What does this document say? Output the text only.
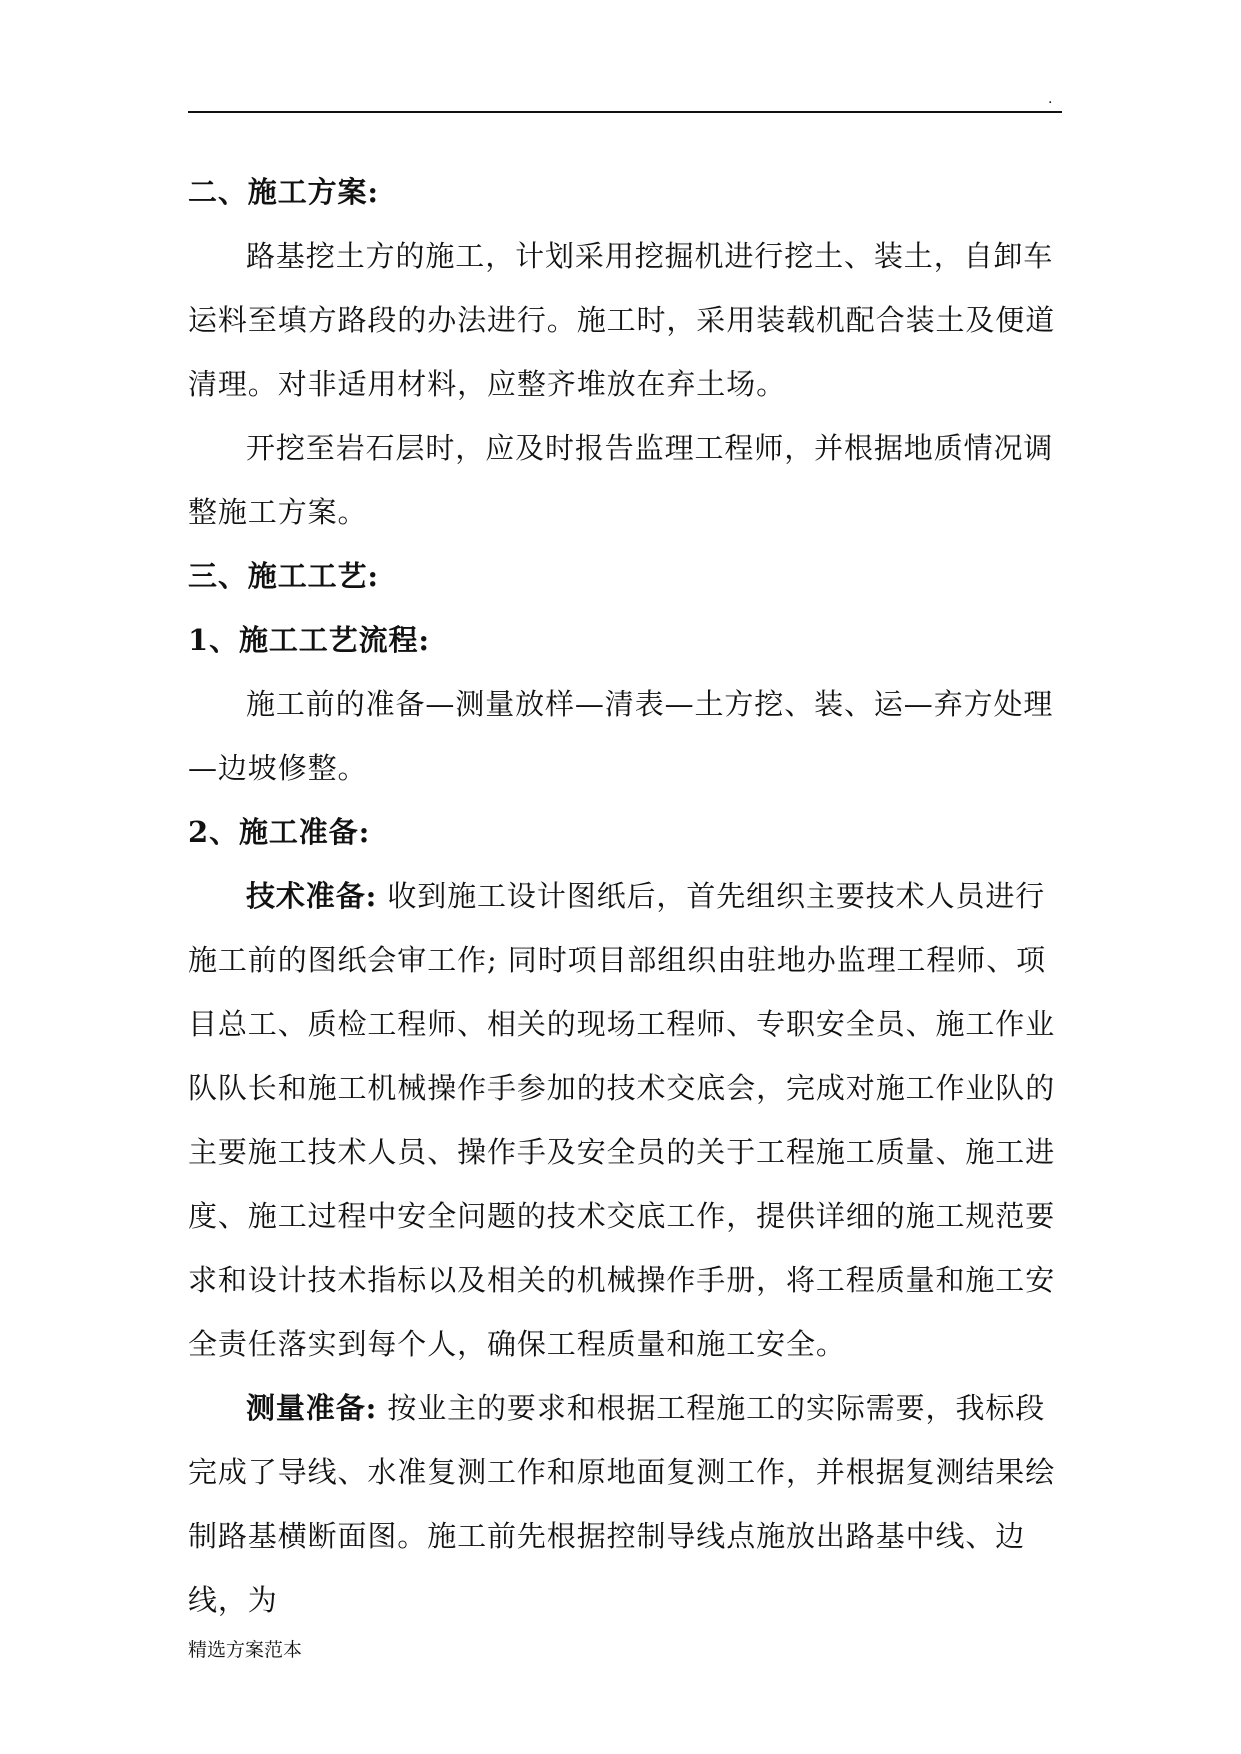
.

二、施工方案:

路基挖土方的施工，计划采用挖掘机进行挖土、装土，自卸车运料至填方路段的办法进行。施工时，采用装载机配合装土及便道清理。对非适用材料，应整齐堆放在弃土场。

开挖至岩石层时，应及时报告监理工程师，并根据地质情况调整施工方案。

三、施工工艺:

1、施工工艺流程:

施工前的准备—测量放样—清表—土方挖、装、运—弃方处理—边坡修整。

2、施工准备:

技术准备: 收到施工设计图纸后，首先组织主要技术人员进行施工前的图纸会审工作; 同时项目部组织由驻地办监理工程师、项目总工、质检工程师、相关的现场工程师、专职安全员、施工作业队队长和施工机械操作手参加的技术交底会，完成对施工作业队的主要施工技术人员、操作手及安全员的关于工程施工质量、施工进度、施工过程中安全问题的技术交底工作，提供详细的施工规范要求和设计技术指标以及相关的机械操作手册，将工程质量和施工安全责任落实到每个人，确保工程质量和施工安全。

测量准备: 按业主的要求和根据工程施工的实际需要，我标段完成了导线、水准复测工作和原地面复测工作，并根据复测结果绘制路基横断面图。施工前先根据控制导线点施放出路基中线、边线，为

精选方案范本
